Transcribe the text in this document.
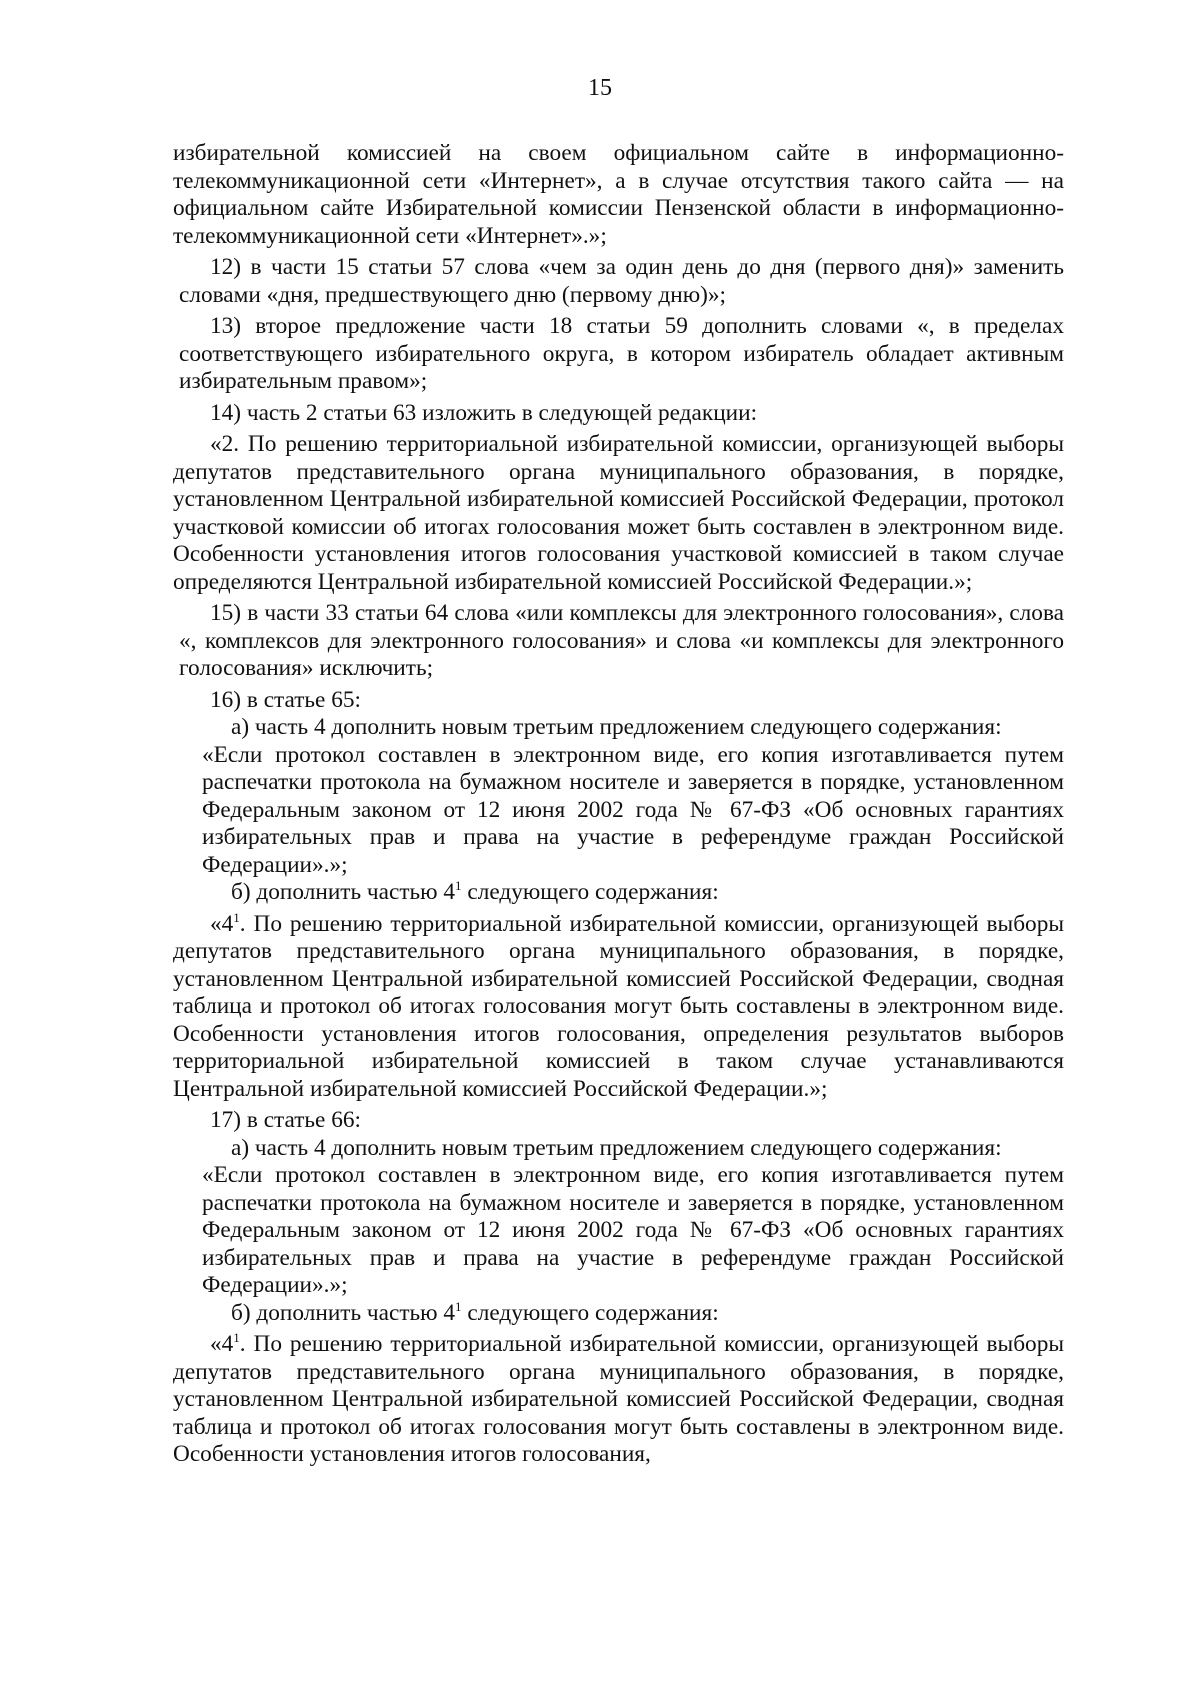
15

избирательной комиссией на своем официальном сайте в информационно-телекоммуникационной сети «Интернет», а в случае отсутствия такого сайта — на официальном сайте Избирательной комиссии Пензенской области в информационно-телекоммуникационной сети «Интернет».»;

12) в части 15 статьи 57 слова «чем за один день до дня (первого дня)» заменить словами «дня, предшествующего дню (первому дню)»;

13) второе предложение части 18 статьи 59 дополнить словами «, в пределах соответствующего избирательного округа, в котором избиратель обладает активным избирательным правом»;

14) часть 2 статьи 63 изложить в следующей редакции:

«2. По решению территориальной избирательной комиссии, организующей выборы депутатов представительного органа муниципального образования, в порядке, установленном Центральной избирательной комиссией Российской Федерации, протокол участковой комиссии об итогах голосования может быть составлен в электронном виде. Особенности установления итогов голосования участковой комиссией в таком случае определяются Центральной избирательной комиссией Российской Федерации.»;

15) в части 33 статьи 64 слова «или комплексы для электронного голосования», слова «, комплексов для электронного голосования» и слова «и комплексы для электронного голосования» исключить;

16) в статье 65:

а) часть 4 дополнить новым третьим предложением следующего содержания:

«Если протокол составлен в электронном виде, его копия изготавливается путем распечатки протокола на бумажном носителе и заверяется в порядке, установленном Федеральным законом от 12 июня 2002 года № 67-ФЗ «Об основных гарантиях избирательных прав и права на участие в референдуме граждан Российской Федерации».»;

б) дополнить частью $4^1$ следующего содержания:

«$4^1$. По решению территориальной избирательной комиссии, организующей выборы депутатов представительного органа муниципального образования, в порядке, установленном Центральной избирательной комиссией Российской Федерации, сводная таблица и протокол об итогах голосования могут быть составлены в электронном виде. Особенности установления итогов голосования, определения результатов выборов территориальной избирательной комиссией в таком случае устанавливаются Центральной избирательной комиссией Российской Федерации.»;

17) в статье 66:

а) часть 4 дополнить новым третьим предложением следующего содержания:

«Если протокол составлен в электронном виде, его копия изготавливается путем распечатки протокола на бумажном носителе и заверяется в порядке, установленном Федеральным законом от 12 июня 2002 года № 67-ФЗ «Об основных гарантиях избирательных прав и права на участие в референдуме граждан Российской Федерации».»;

б) дополнить частью $4^1$ следующего содержания:

«$4^1$. По решению территориальной избирательной комиссии, организующей выборы депутатов представительного органа муниципального образования, в порядке, установленном Центральной избирательной комиссией Российской Федерации, сводная таблица и протокол об итогах голосования могут быть составлены в электронном виде. Особенности установления итогов голосования,
